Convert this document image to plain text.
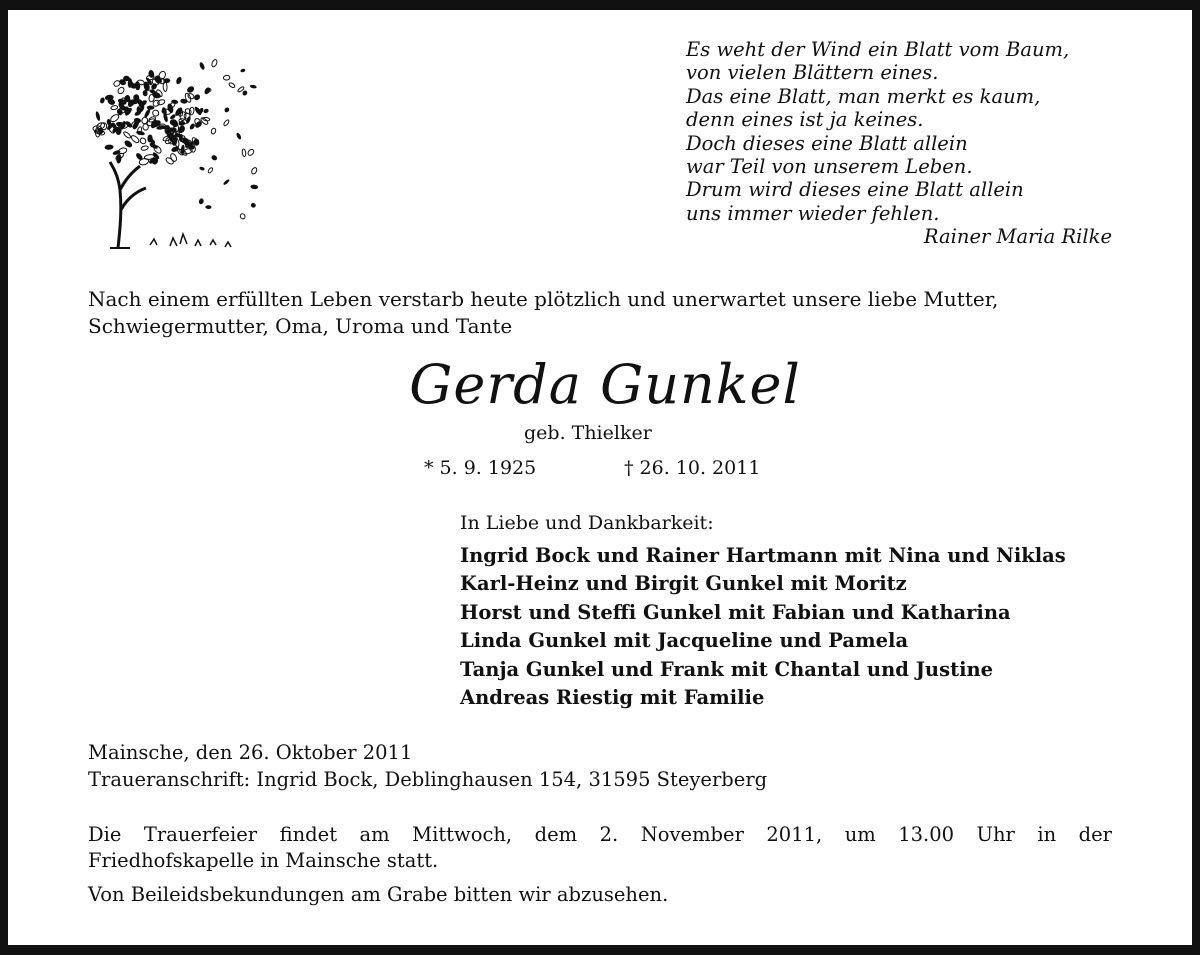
Es weht der Wind ein Blatt vom Baum,
von vielen Blättern eines.
Das eine Blatt, man merkt es kaum,
denn eines ist ja keines.
Doch dieses eine Blatt allein
war Teil von unserem Leben.
Drum wird dieses eine Blatt allein
uns immer wieder fehlen.
Rainer Maria Rilke
Nach einem erfüllten Leben verstarb heute plötzlich und unerwartet unsere liebe Mutter,
Schwiegermutter, Oma, Uroma und Tante
Gerda Gunkel
geb. Thielker
* 5. 9. 1925	† 26. 10. 2011
In Liebe und Dankbarkeit:
Ingrid Bock und Rainer Hartmann mit Nina und Niklas
Karl-Heinz und Birgit Gunkel mit Moritz
Horst und Steffi Gunkel mit Fabian und Katharina
Linda Gunkel mit Jacqueline und Pamela
Tanja Gunkel und Frank mit Chantal und Justine
Andreas Riestig mit Familie
Mainsche, den 26. Oktober 2011
Traueranschrift: Ingrid Bock, Deblinghausen 154, 31595 Steyerberg
Die Trauerfeier findet am Mittwoch, dem 2. November 2011, um 13.00 Uhr in der
Friedhofskapelle in Mainsche statt.
Von Beileidsbekundungen am Grabe bitten wir abzusehen.
